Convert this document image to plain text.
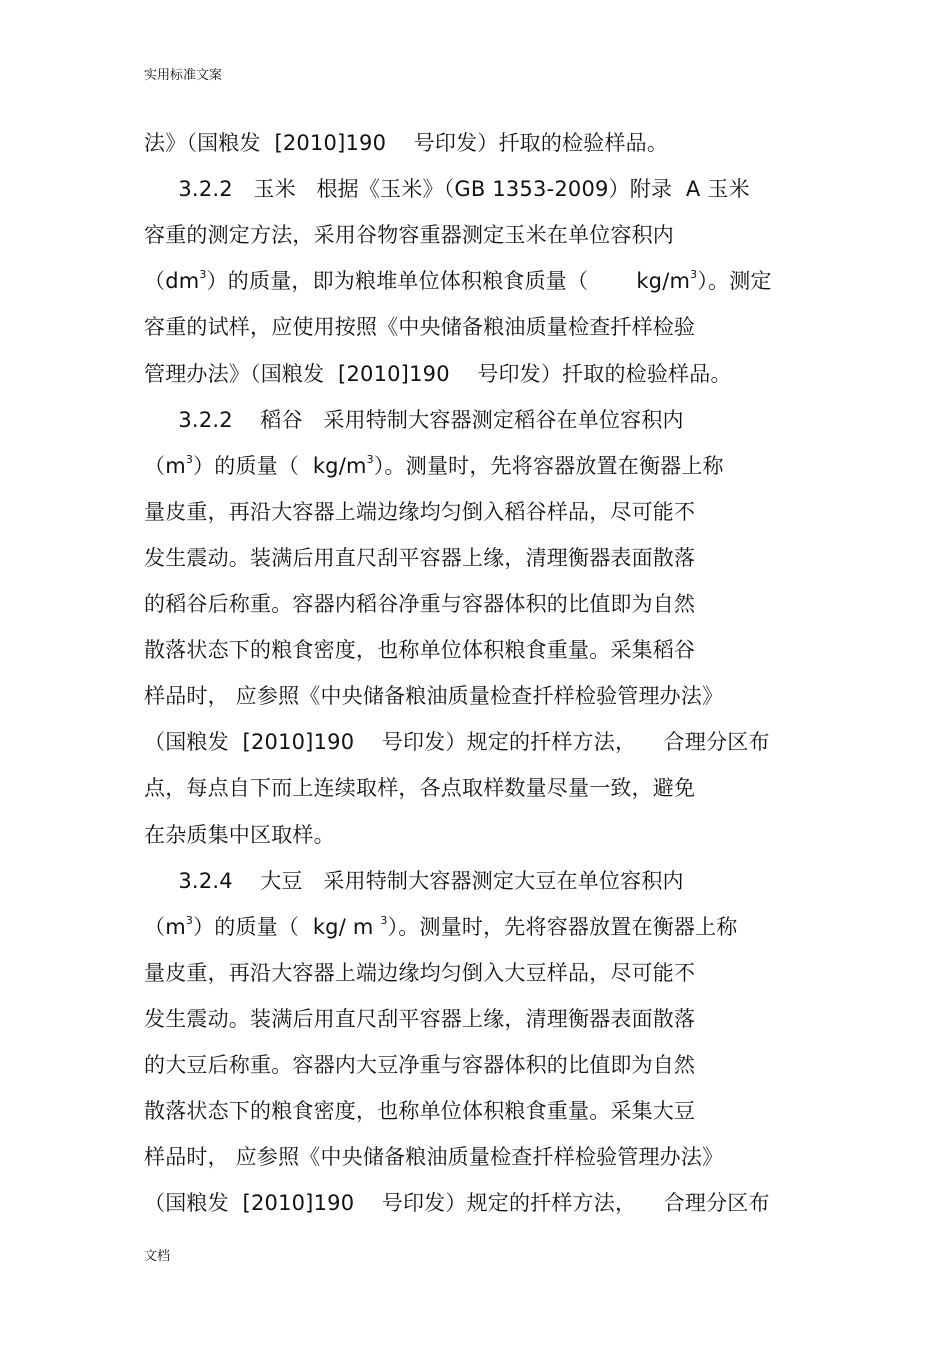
实用标准文案
法》（国粮发  [2010]190    号印发）扦取的检验样品。
3.2.2   玉米   根据《玉米》（GB 1353-2009）附录  A 玉米
容重的测定方法，采用谷物容重器测定玉米在单位容积内
$(dm^3)$的质量，即为粮堆单位体积粮食质量（       $kg/m^3$）。测定
容重的试样，应使用按照《中央储备粮油质量检查扦样检验
管理办法》（国粮发  [2010]190    号印发）扦取的检验样品。
3.2.2    稻谷   采用特制大容器测定稻谷在单位容积内
$(m^3)$的质量（  $kg/m^3$）。测量时，先将容器放置在衡器上称
量皮重，再沿大容器上端边缘均匀倒入稻谷样品，尽可能不
发生震动。装满后用直尺刮平容器上缘，清理衡器表面散落
的稻谷后称重。容器内稻谷净重与容器体积的比值即为自然
散落状态下的粮食密度，也称单位体积粮食重量。采集稻谷
样品时， 应参照《中央储备粮油质量检查扦样检验管理办法》
（国粮发  [2010]190    号印发）规定的扦样方法，    合理分区布
点，每点自下而上连续取样，各点取样数量尽量一致，避免
在杂质集中区取样。
3.2.4    大豆   采用特制大容器测定大豆在单位容积内
$(m^3)$的质量（  kg/ m $^3$）。测量时，先将容器放置在衡器上称
量皮重，再沿大容器上端边缘均匀倒入大豆样品，尽可能不
发生震动。装满后用直尺刮平容器上缘，清理衡器表面散落
的大豆后称重。容器内大豆净重与容器体积的比值即为自然
散落状态下的粮食密度，也称单位体积粮食重量。采集大豆
样品时， 应参照《中央储备粮油质量检查扦样检验管理办法》
（国粮发  [2010]190    号印发）规定的扦样方法，    合理分区布
文档
